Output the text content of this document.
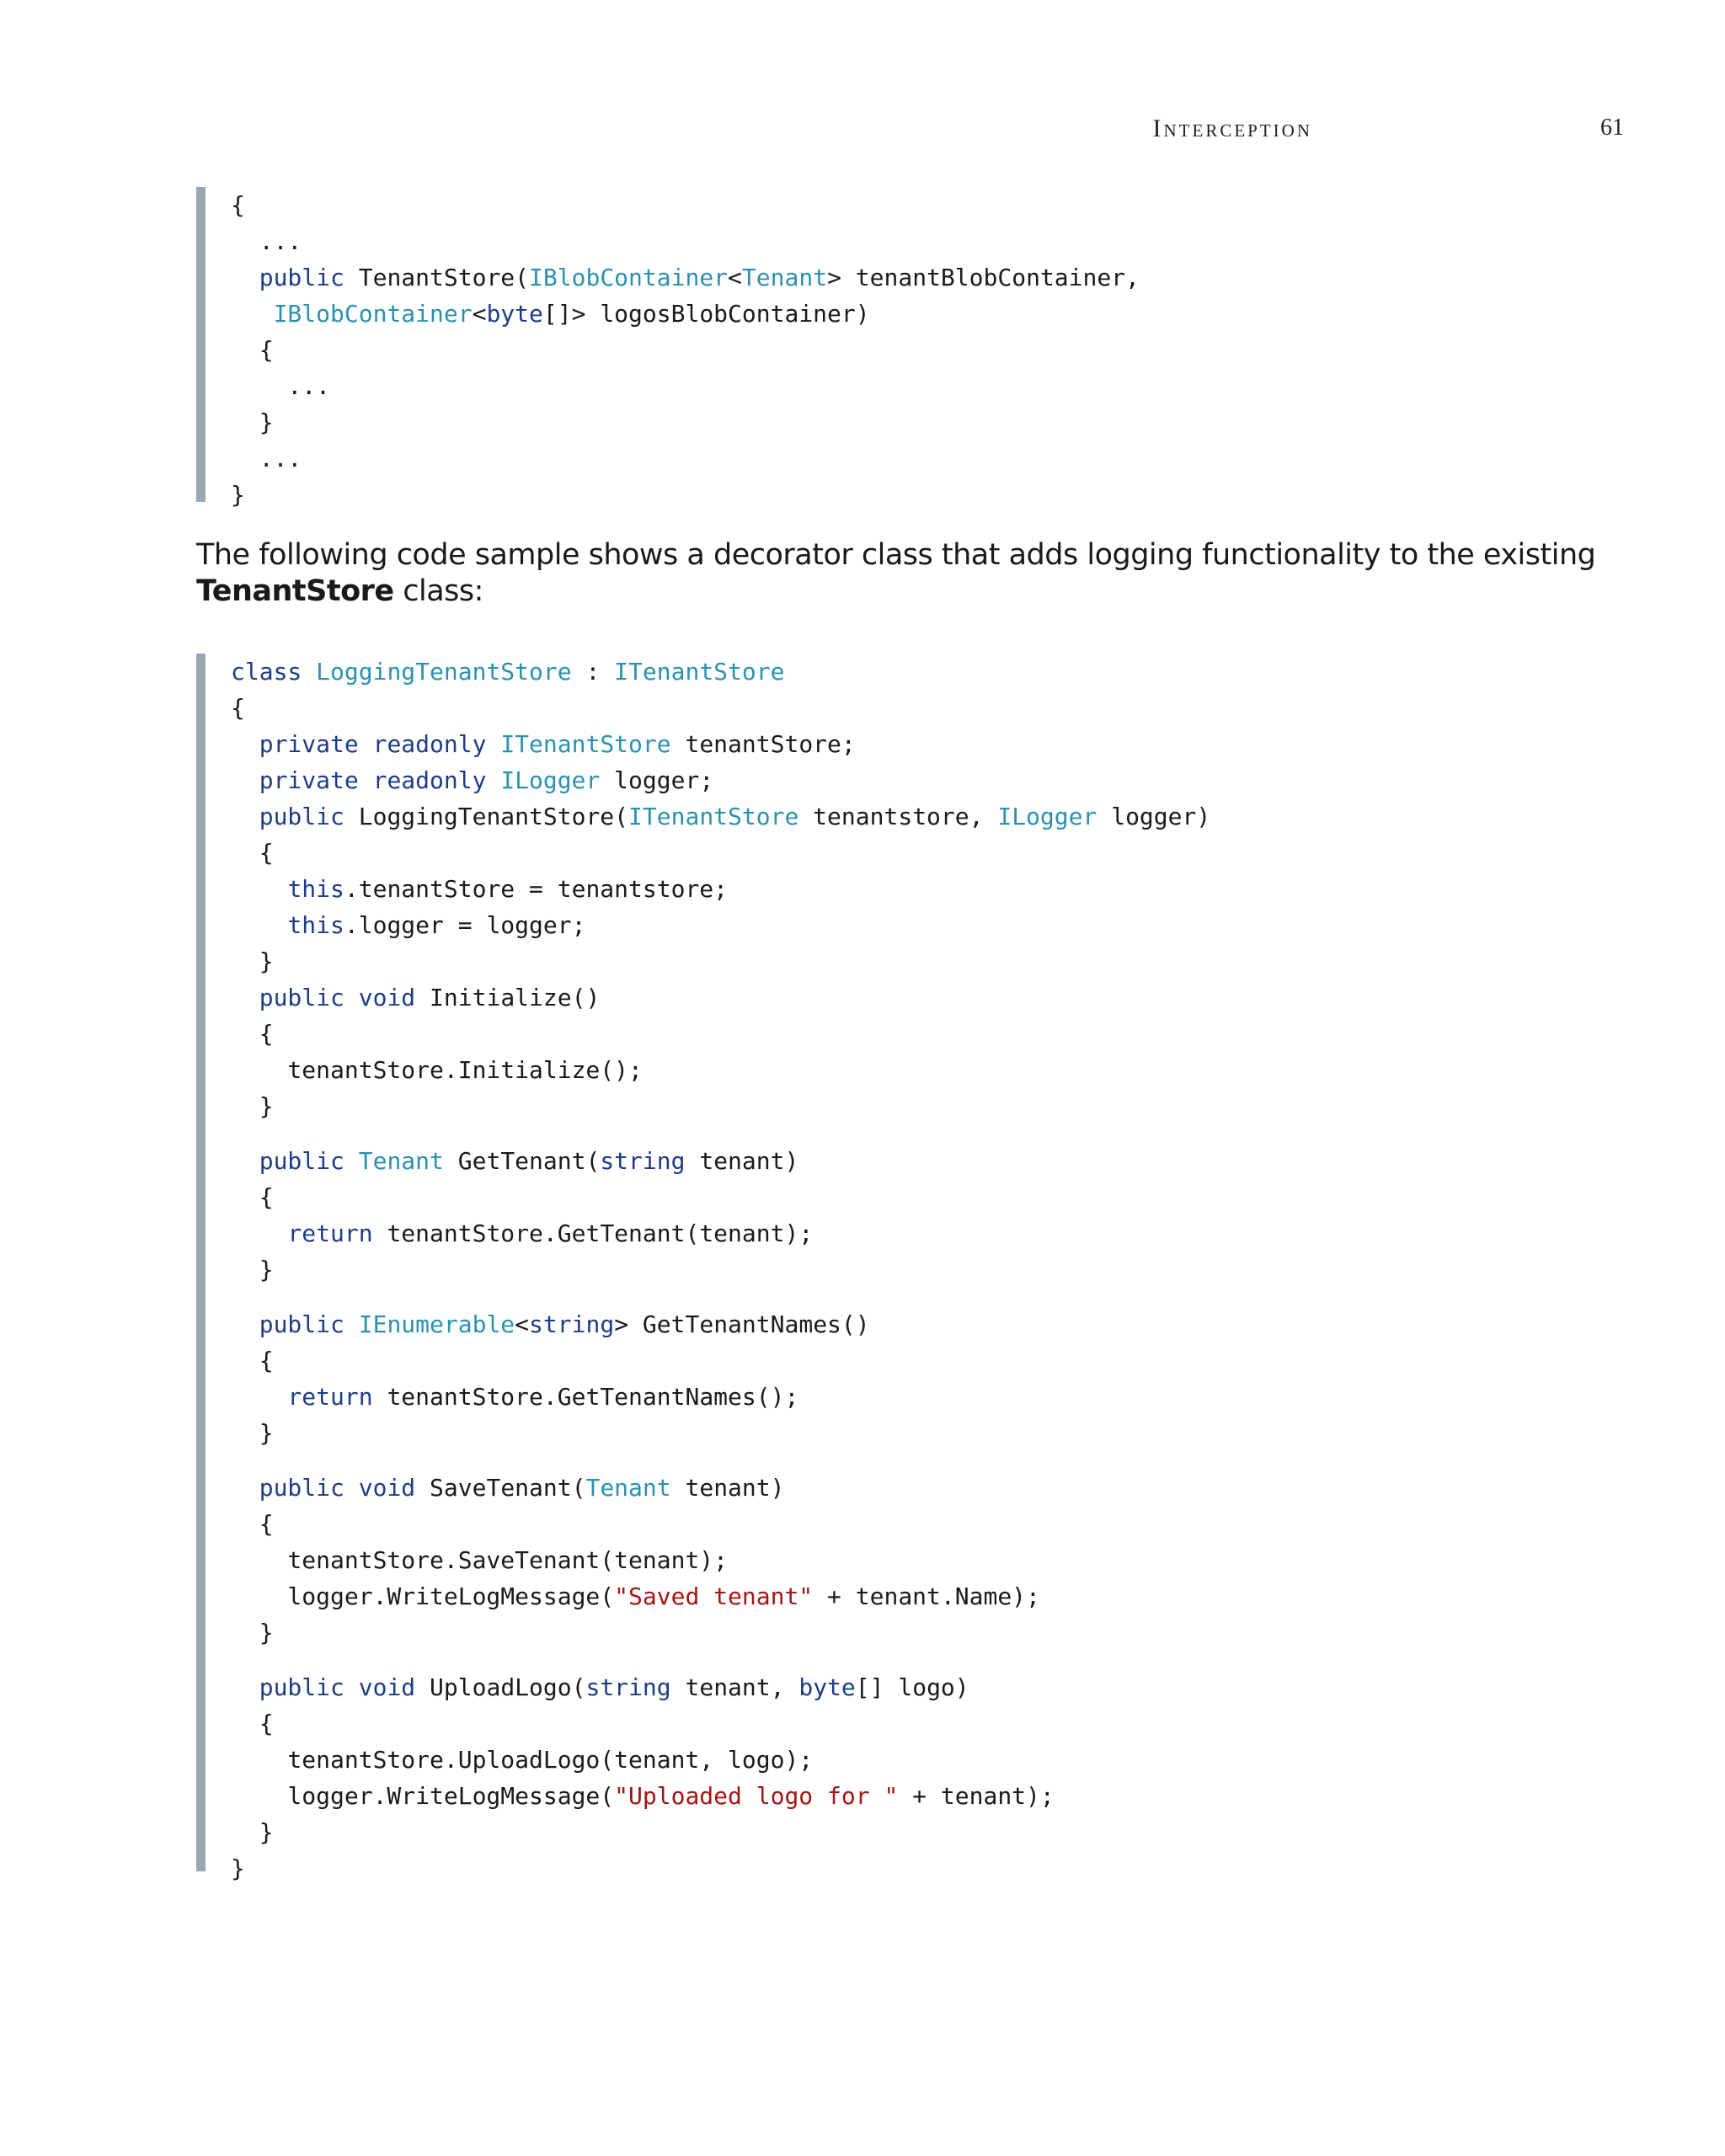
Interception	61
{
...
public TenantStore(IBlobContainer<Tenant> tenantBlobContainer,
IBlobContainer<byte[]> logosBlobContainer)
{
...
}
...
}

The following code sample shows a decorator class that adds logging functionality to the existing TenantStore class:

class LoggingTenantStore : ITenantStore
{
private readonly ITenantStore tenantStore;
private readonly ILogger logger;
public LoggingTenantStore(ITenantStore tenantstore, ILogger logger)
{
this.tenantStore = tenantstore;
this.logger = logger;
}
public void Initialize()
{
tenantStore.Initialize();
}
public Tenant GetTenant(string tenant)
{
return tenantStore.GetTenant(tenant);
}
public IEnumerable<string> GetTenantNames()
{
return tenantStore.GetTenantNames();
}
public void SaveTenant(Tenant tenant)
{
tenantStore.SaveTenant(tenant);
logger.WriteLogMessage("Saved tenant" + tenant.Name);
}
public void UploadLogo(string tenant, byte[] logo)
{
tenantStore.UploadLogo(tenant, logo);
logger.WriteLogMessage("Uploaded logo for " + tenant);
}
}
